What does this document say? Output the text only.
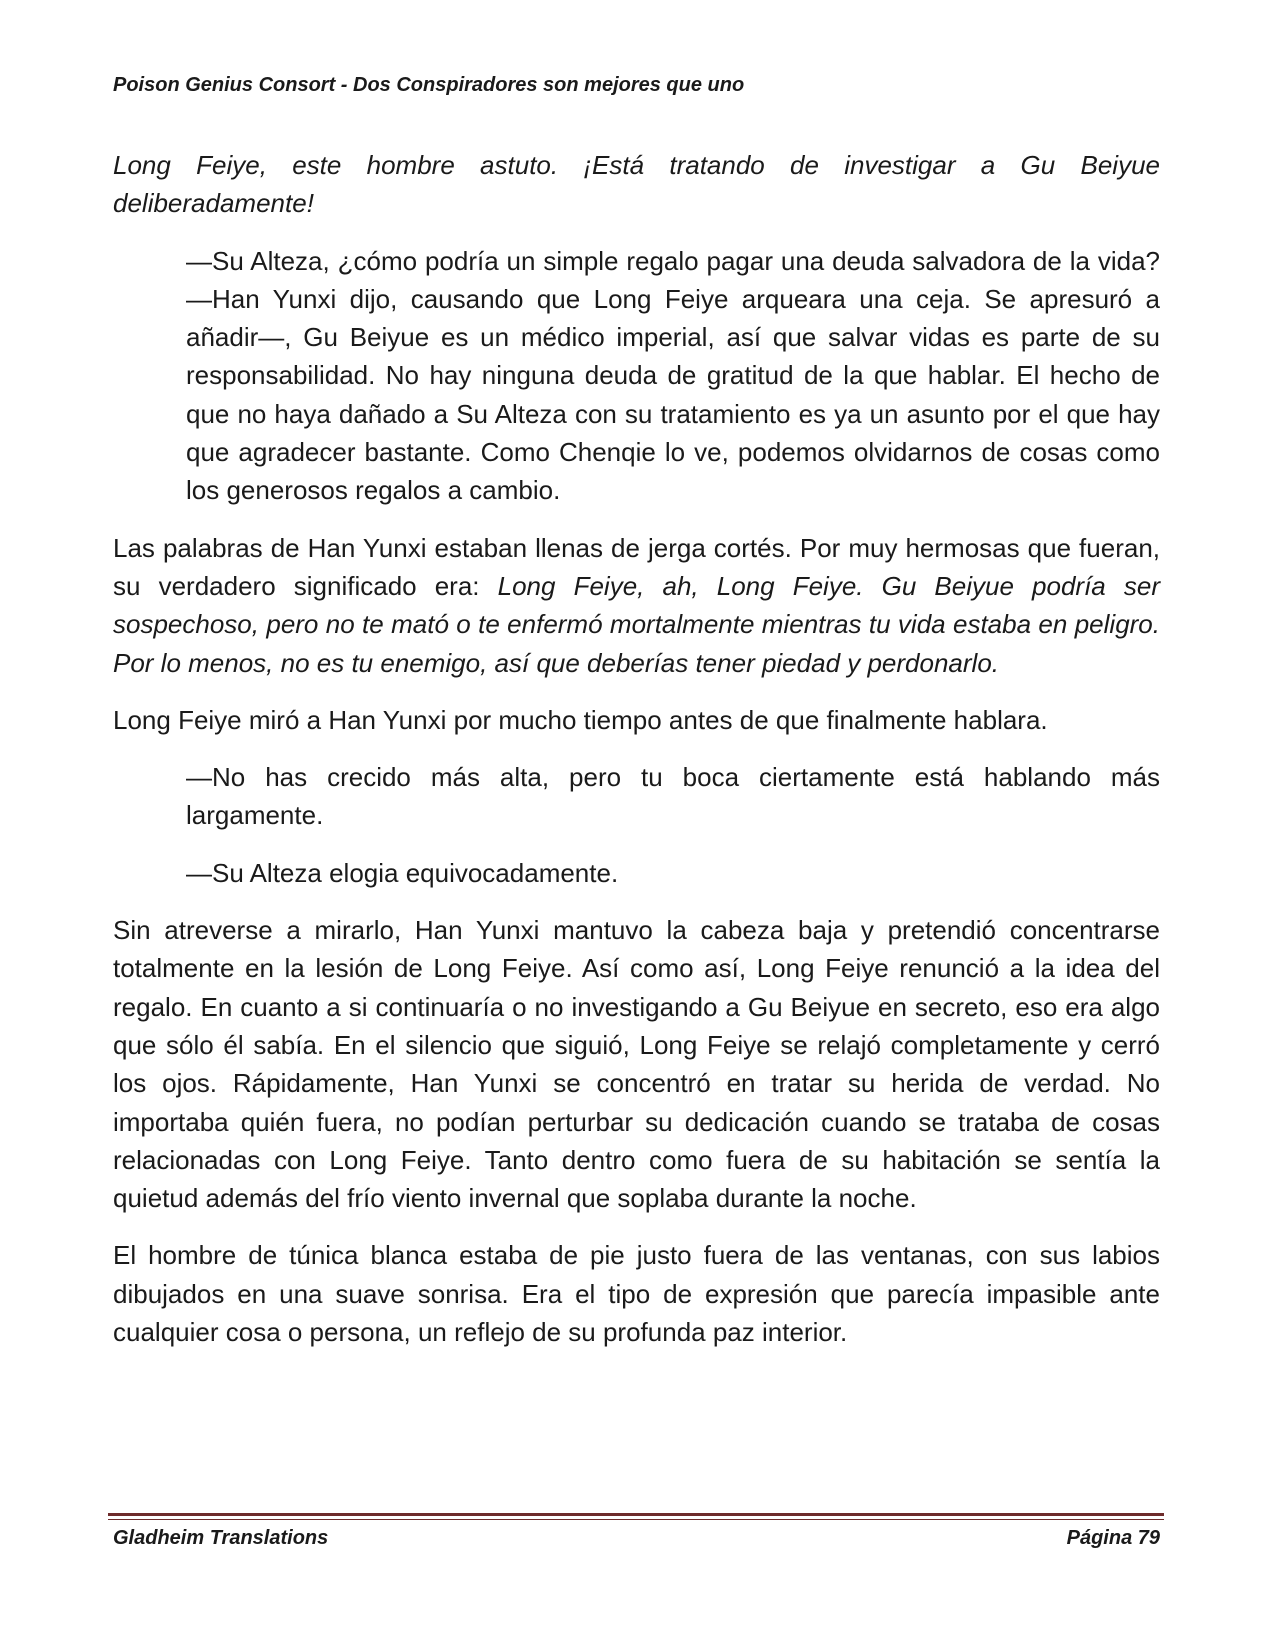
Poison Genius Consort - Dos Conspiradores son mejores que uno

Long Feiye, este hombre astuto. ¡Está tratando de investigar a Gu Beiyue deliberadamente!

—Su Alteza, ¿cómo podría un simple regalo pagar una deuda salvadora de la vida? —Han Yunxi dijo, causando que Long Feiye arqueara una ceja. Se apresuró a añadir—, Gu Beiyue es un médico imperial, así que salvar vidas es parte de su responsabilidad. No hay ninguna deuda de gratitud de la que hablar. El hecho de que no haya dañado a Su Alteza con su tratamiento es ya un asunto por el que hay que agradecer bastante. Como Chenqie lo ve, podemos olvidarnos de cosas como los generosos regalos a cambio.

Las palabras de Han Yunxi estaban llenas de jerga cortés. Por muy hermosas que fueran, su verdadero significado era: Long Feiye, ah, Long Feiye. Gu Beiyue podría ser sospechoso, pero no te mató o te enfermó mortalmente mientras tu vida estaba en peligro. Por lo menos, no es tu enemigo, así que deberías tener piedad y perdonarlo.

Long Feiye miró a Han Yunxi por mucho tiempo antes de que finalmente hablara.

—No has crecido más alta, pero tu boca ciertamente está hablando más largamente.

—Su Alteza elogia equivocadamente.

Sin atreverse a mirarlo, Han Yunxi mantuvo la cabeza baja y pretendió concentrarse totalmente en la lesión de Long Feiye. Así como así, Long Feiye renunció a la idea del regalo. En cuanto a si continuaría o no investigando a Gu Beiyue en secreto, eso era algo que sólo él sabía. En el silencio que siguió, Long Feiye se relajó completamente y cerró los ojos. Rápidamente, Han Yunxi se concentró en tratar su herida de verdad. No importaba quién fuera, no podían perturbar su dedicación cuando se trataba de cosas relacionadas con Long Feiye. Tanto dentro como fuera de su habitación se sentía la quietud además del frío viento invernal que soplaba durante la noche.

El hombre de túnica blanca estaba de pie justo fuera de las ventanas, con sus labios dibujados en una suave sonrisa. Era el tipo de expresión que parecía impasible ante cualquier cosa o persona, un reflejo de su profunda paz interior.

Gladheim Translations	Página 79
